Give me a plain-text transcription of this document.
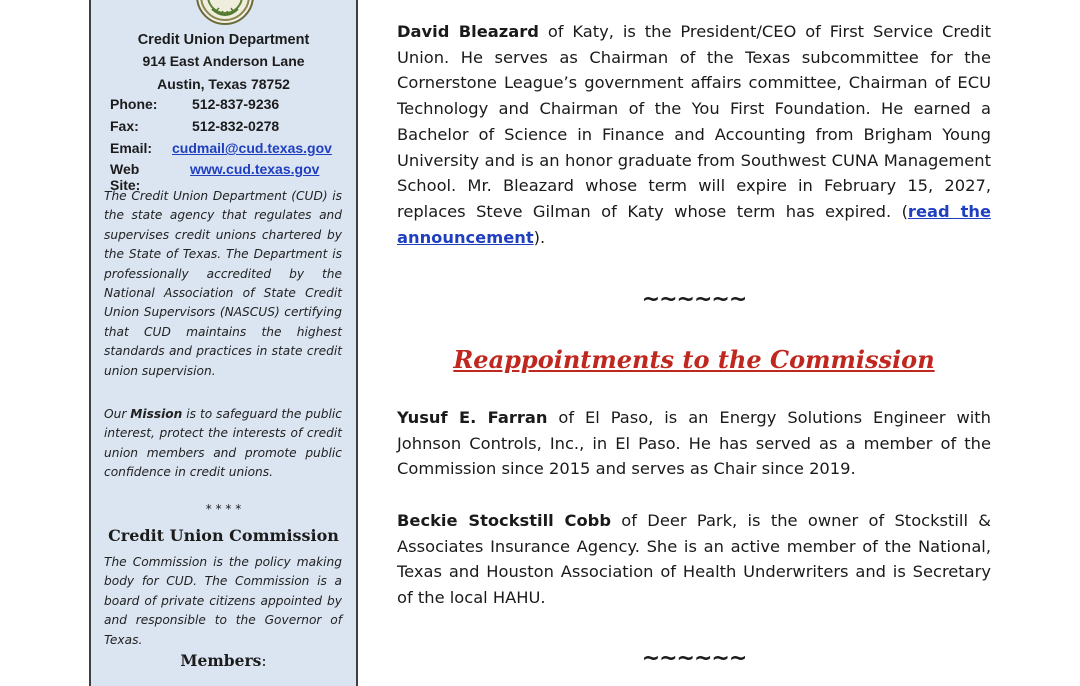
Credit Union Department
914 East Anderson Lane
Austin, Texas 78752
Phone: 512-837-9236
Fax:	512-832-0278
Email: cudmail@cud.texas.gov
Web Site:
www.cud.texas.gov
The Credit Union Department (CUD) is the state agency that regulates and supervises credit unions chartered by the State of Texas. The Department is professionally accredited by the National Association of State Credit Union Supervisors (NASCUS) certifying that CUD maintains the highest standards and practices in state credit union supervision.
Our Mission is to safeguard the public interest, protect the interests of credit union members and promote public confidence in credit unions.
* * * *
Credit Union Commission
The Commission is the policy making body for CUD. The Commission is a board of private citizens appointed by and responsible to the Governor of Texas.
Members:
David Bleazard of Katy, is the President/CEO of First Service Credit Union. He serves as Chairman of the Texas subcommittee for the Cornerstone League’s government affairs committee, Chairman of ECU Technology and Chairman of the You First Foundation. He earned a Bachelor of Science in Finance and Accounting from Brigham Young University and is an honor graduate from Southwest CUNA Management School. Mr. Bleazard whose term will expire in February 15, 2027, replaces Steve Gilman of Katy whose term has expired. (read the announcement).
~~~~~~
Reappointments to the Commission
Yusuf E. Farran of El Paso, is an Energy Solutions Engineer with Johnson Controls, Inc., in El Paso. He has served as a member of the Commission since 2015 and serves as Chair since 2019.
Beckie Stockstill Cobb of Deer Park, is the owner of Stockstill & Associates Insurance Agency. She is an active member of the National, Texas and Houston Association of Health Underwriters and is Secretary of the local HAHU.
~~~~~~
